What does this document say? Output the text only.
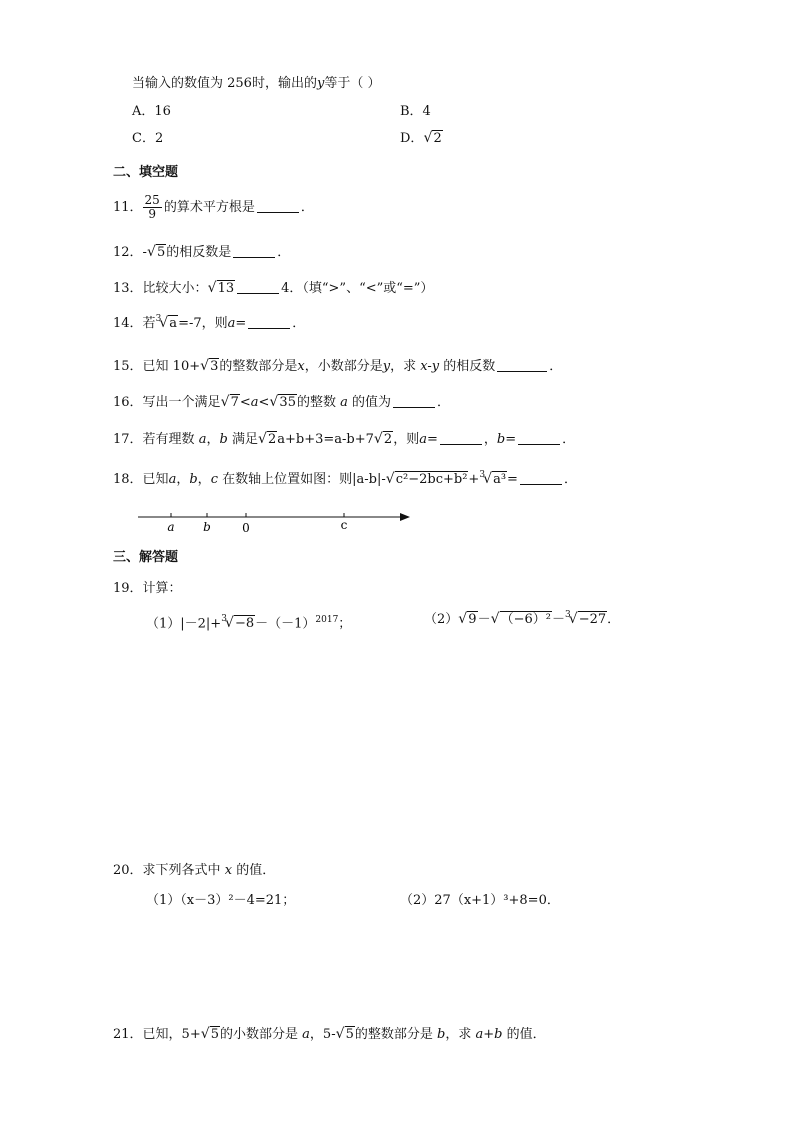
当输入的数值为 256时，输出的y等于（ ）
A．16	B．4
C．2	D．√ 2
二、填空题
11． $\frac{25}{9}$ 的算术平方根是	．
12．-√ 5的相反数是	．
13．比较大小：√ 13	4．（填“>”、“<”或“=”）
14．若$^3$√ a=-7，则a=	．
15．已知 10+√ 3的整数部分是x，小数部分是y，求 x-y 的相反数	．
16．写出一个满足√ 7<a<√ 35的整数 a 的值为	．
17．若有理数 a，b 满足√ 2a+b+3=a-b+7√ 2，则a=	，b=	．
18．已知a，b，c 在数轴上位置如图：则|a-b|-√ c²−2bc+b²+$^3$√ a³=	．
a b	0	c
三、解答题
19．计算：
$(1)|-2|+^3√ -8-(-1)^{2017}$；	（2）√ 9－√ （−6）²－$^3$√ −27．
20．求下列各式中 x 的值．
（1）（x－3）²－4=21；	（2）27（x+1）³+8=0．
21．已知，5+√ 5的小数部分是 a，5-√ 5的整数部分是 b，求 a+b 的值．
